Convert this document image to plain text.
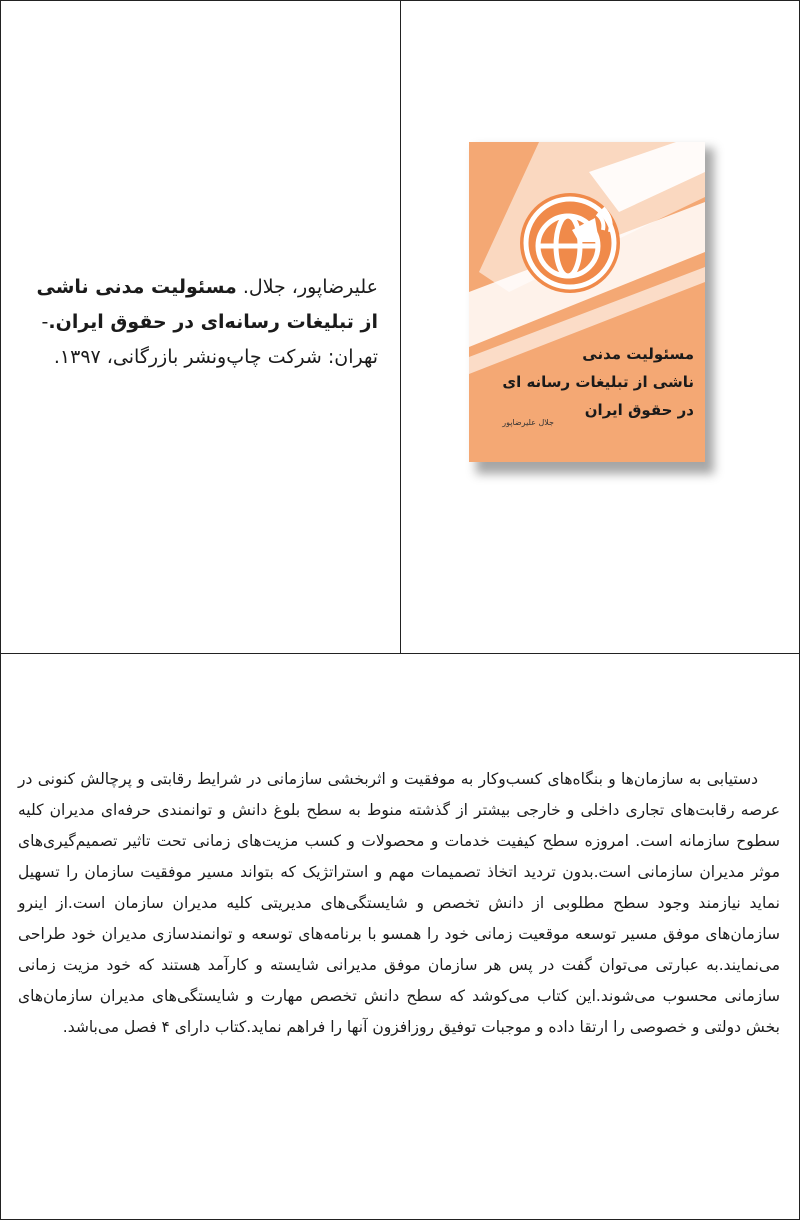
علیرضاپور، جلال. مسئولیت مدنی ناشی از تبلیغات رسانه‌ای در حقوق ایران.- تهران: شرکت چاپ‌ونشر بازرگانی، ۱۳۹۷.	مسئولیت مدنی
ناشی از تبلیغات رسانه ای
در حقوق ایران
جلال علیرضاپور
دستیابی به سازمان‌ها و بنگاه‌های کسب‌وکار به موفقیت و اثربخشی سازمانی در شرایط رقابتی و پرچالش کنونی در عرصه رقابت‌های تجاری داخلی و خارجی بیشتر از گذشته منوط به سطح بلوغ دانش و توانمندی حرفه‌ای مدیران کلیه سطوح سازمانه است. امروزه سطح کیفیت خدمات و محصولات و کسب مزیت‌های زمانی تحت تاثیر تصمیم‌گیری‌های موثر مدیران سازمانی است.بدون تردید اتخاذ تصمیمات مهم و استراتژیک که بتواند مسیر موفقیت سازمان را تسهیل نماید نیازمند وجود سطح مطلوبی از دانش تخصص و شایستگی‌های مدیریتی کلیه مدیران سازمان است.از اینرو سازمان‌های موفق مسیر توسعه موقعیت زمانی خود را همسو با برنامه‌های توسعه و توانمندسازی مدیران خود طراحی می‌نمایند.به عبارتی می‌توان گفت در پس هر سازمان موفق مدیرانی شایسته و کارآمد هستند که خود مزیت زمانی سازمانی محسوب می‌شوند.این کتاب می‌کوشد که سطح دانش تخصص مهارت و شایستگی‌های مدیران سازمان‌های بخش دولتی و خصوصی را ارتقا داده و موجبات توفیق روزافزون آنها را فراهم نماید.کتاب دارای ۴ فصل می‌باشد.
